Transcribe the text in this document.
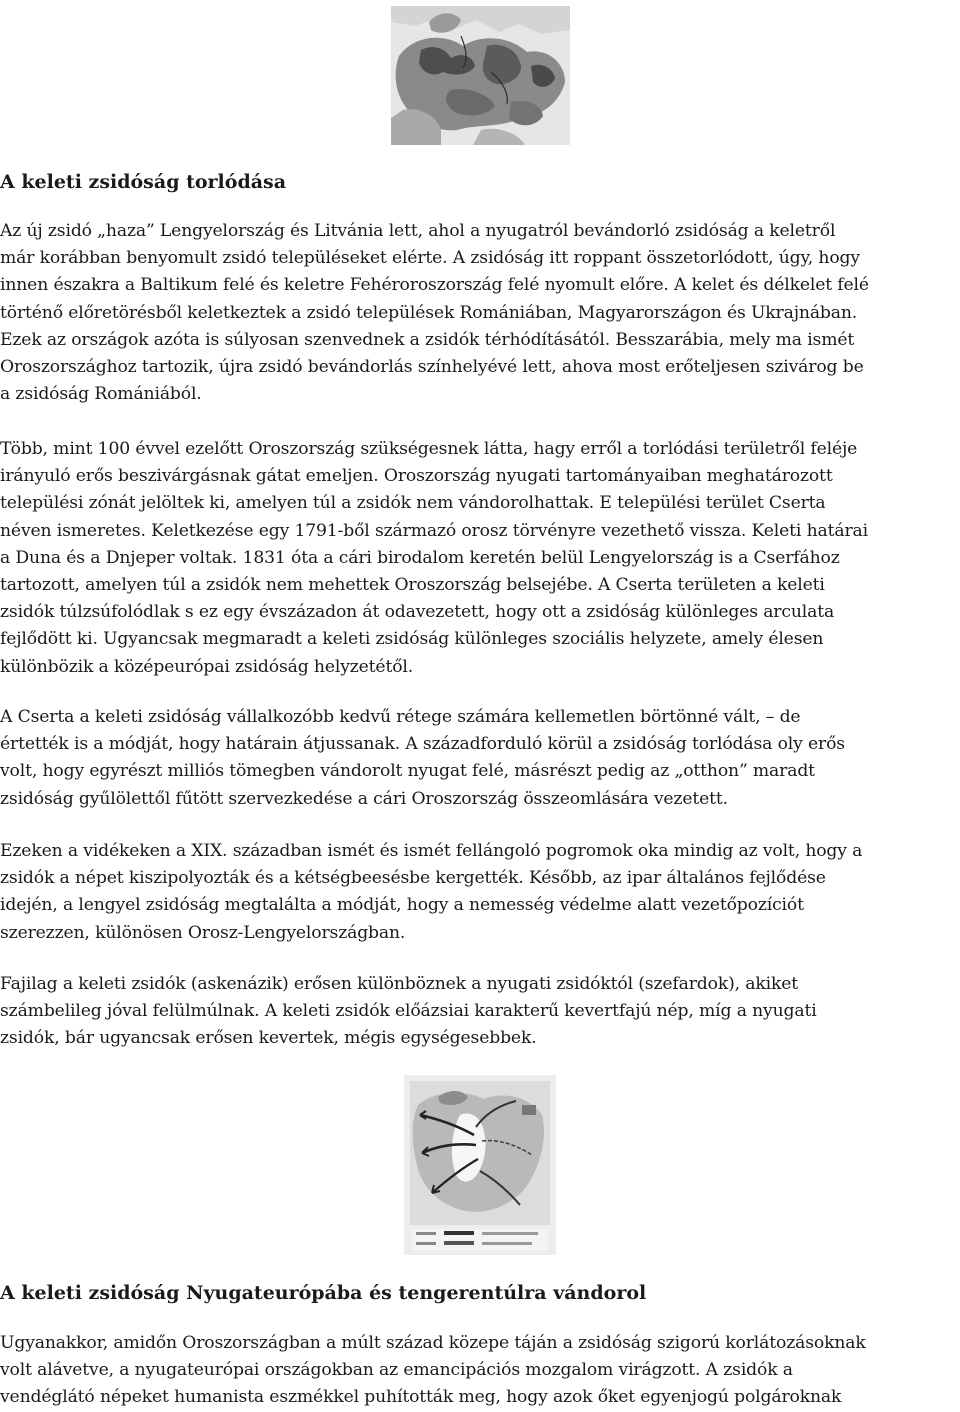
A keleti zsidóság torlódása
Az új zsidó „haza” Lengyelország és Litvánia lett, ahol a nyugatról bevándorló zsidóság a keletről
már korábban benyomult zsidó településeket elérte. A zsidóság itt roppant összetorlódott, úgy, hogy
innen északra a Baltikum felé és keletre Fehéroroszország felé nyomult előre. A kelet és délkelet felé
történő előretörésből keletkeztek a zsidó települések Romániában, Magyarországon és Ukrajnában.
Ezek az országok azóta is súlyosan szenvednek a zsidók térhódításától. Besszarábia, mely ma ismét
Oroszországhoz tartozik, újra zsidó bevándorlás színhelyévé lett, ahova most erőteljesen szivárog be
a zsidóság Romániából.
Több, mint 100 évvel ezelőtt Oroszország szükségesnek látta, hagy erről a torlódási területről feléje
irányuló erős beszivárgásnak gátat emeljen. Oroszország nyugati tartományaiban meghatározott
települési zónát jelöltek ki, amelyen túl a zsidók nem vándorolhattak. E települési terület Cserta
néven ismeretes. Keletkezése egy 1791-ből származó orosz törvényre vezethető vissza. Keleti határai
a Duna és a Dnjeper voltak. 1831 óta a cári birodalom keretén belül Lengyelország is a Cserfához
tartozott, amelyen túl a zsidók nem mehettek Oroszország belsejébe. A Cserta területen a keleti
zsidók túlzsúfolódlak s ez egy évszázadon át odavezetett, hogy ott a zsidóság különleges arculata
fejlődött ki. Ugyancsak megmaradt a keleti zsidóság különleges szociális helyzete, amely élesen
különbözik a középeurópai zsidóság helyzetétől.
A Cserta a keleti zsidóság vállalkozóbb kedvű rétege számára kellemetlen börtönné vált, – de
értették is a módját, hogy határain átjussanak. A századforduló körül a zsidóság torlódása oly erős
volt, hogy egyrészt milliós tömegben vándorolt nyugat felé, másrészt pedig az „otthon” maradt
zsidóság gyűlölettől fűtött szervezkedése a cári Oroszország összeomlására vezetett.
Ezeken a vidékeken a XIX. században ismét és ismét fellángoló pogromok oka mindig az volt, hogy a
zsidók a népet kiszipolyozták és a kétségbeesésbe kergették. Később, az ipar általános fejlődése
idején, a lengyel zsidóság megtalálta a módját, hogy a nemesség védelme alatt vezetőpozíciót
szerezzen, különösen Orosz-Lengyelországban.
Fajilag a keleti zsidók (askenázik) erősen különböznek a nyugati zsidóktól (szefardok), akiket
számbelileg jóval felülmúlnak. A keleti zsidók előázsiai karakterű kevertfajú nép, míg a nyugati
zsidók, bár ugyancsak erősen kevertek, mégis egységesebbek.
A keleti zsidóság Nyugateurópába és tengerentúlra vándorol
Ugyanakkor, amidőn Oroszországban a múlt század közepe táján a zsidóság szigorú korlátozásoknak
volt alávetve, a nyugateurópai országokban az emancipációs mozgalom virágzott. A zsidók a
vendéglátó népeket humanista eszmékkel puhították meg, hogy azok őket egyenjogú polgároknak
